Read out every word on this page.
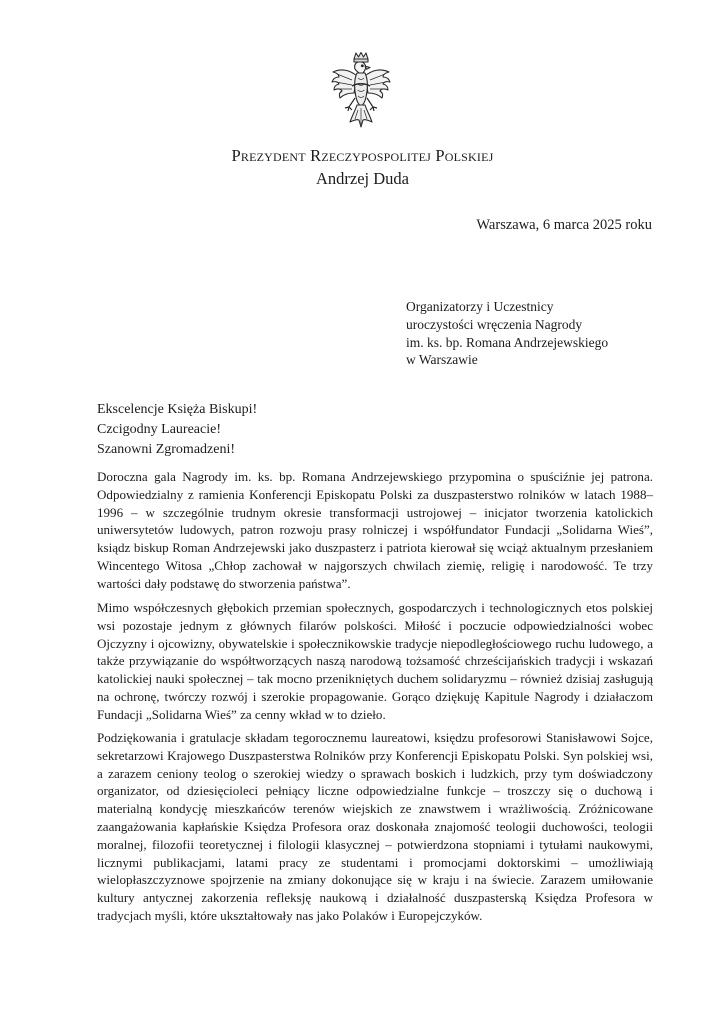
Prezydent Rzeczypospolitej Polskiej
Andrzej Duda
Warszawa, 6 marca 2025 roku
Organizatorzy i Uczestnicy
uroczystości wręczenia Nagrody
im. ks. bp. Romana Andrzejewskiego
w Warszawie
Ekscelencje Księża Biskupi!
Czcigodny Laureacie!
Szanowni Zgromadzeni!

Doroczna gala Nagrody im. ks. bp. Romana Andrzejewskiego przypomina o spuściźnie jej patrona. Odpowiedzialny z ramienia Konferencji Episkopatu Polski za duszpasterstwo rolników w latach 1988–1996 – w szczególnie trudnym okresie transformacji ustrojowej – inicjator tworzenia katolickich uniwersytetów ludowych, patron rozwoju prasy rolniczej i współfundator Fundacji „Solidarna Wieś”, ksiądz biskup Roman Andrzejewski jako duszpasterz i patriota kierował się wciąż aktualnym przesłaniem Wincentego Witosa „Chłop zachował w najgorszych chwilach ziemię, religię i narodowość. Te trzy wartości dały podstawę do stworzenia państwa”.

Mimo współczesnych głębokich przemian społecznych, gospodarczych i technologicznych etos polskiej wsi pozostaje jednym z głównych filarów polskości. Miłość i poczucie odpowiedzialności wobec Ojczyzny i ojcowizny, obywatelskie i społecznikowskie tradycje niepodległościowego ruchu ludowego, a także przywiązanie do współtworzących naszą narodową tożsamość chrześcijańskich tradycji i wskazań katolickiej nauki społecznej – tak mocno przenikniętych duchem solidaryzmu – również dzisiaj zasługują na ochronę, twórczy rozwój i szerokie propagowanie. Gorąco dziękuję Kapitule Nagrody i działaczom Fundacji „Solidarna Wieś” za cenny wkład w to dzieło.

Podziękowania i gratulacje składam tegorocznemu laureatowi, księdzu profesorowi Stanisławowi Sojce, sekretarzowi Krajowego Duszpasterstwa Rolników przy Konferencji Episkopatu Polski. Syn polskiej wsi, a zarazem ceniony teolog o szerokiej wiedzy o sprawach boskich i ludzkich, przy tym doświadczony organizator, od dziesięcioleci pełniący liczne odpowiedzialne funkcje – troszczy się o duchową i materialną kondycję mieszkańców terenów wiejskich ze znawstwem i wrażliwością. Zróżnicowane zaangażowania kapłańskie Księdza Profesora oraz doskonała znajomość teologii duchowości, teologii moralnej, filozofii teoretycznej i filologii klasycznej – potwierdzona stopniami i tytułami naukowymi, licznymi publikacjami, latami pracy ze studentami i promocjami doktorskimi – umożliwiają wielopłaszczyznowe spojrzenie na zmiany dokonujące się w kraju i na świecie. Zarazem umiłowanie kultury antycznej zakorzenia refleksję naukową i działalność duszpasterską Księdza Profesora w tradycjach myśli, które ukształtowały nas jako Polaków i Europejczyków.
